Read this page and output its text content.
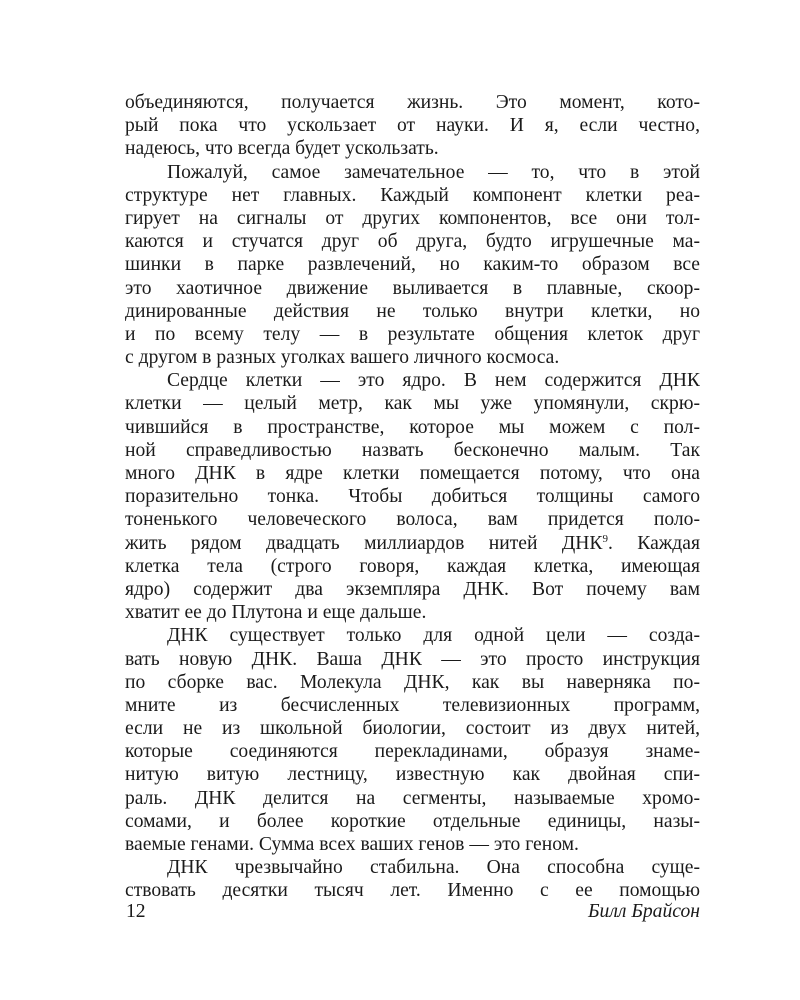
объединяются, получается жизнь. Это момент, кото-
рый пока что ускользает от науки. И я, если честно,
надеюсь, что всегда будет ускользать.
Пожалуй, самое замечательное — то, что в этой
структуре нет главных. Каждый компонент клетки реа-
гирует на сигналы от других компонентов, все они тол-
каются и стучатся друг об друга, будто игрушечные ма-
шинки в парке развлечений, но каким-то образом все
это хаотичное движение выливается в плавные, скоор-
динированные действия не только внутри клетки, но
и по всему телу — в результате общения клеток друг
с другом в разных уголках вашего личного космоса.
Сердце клетки — это ядро. В нем содержится ДНК
клетки — целый метр, как мы уже упомянули, скрю-
чившийся в пространстве, которое мы можем с пол-
ной справедливостью назвать бесконечно малым. Так
много ДНК в ядре клетки помещается потому, что она
поразительно тонка. Чтобы добиться толщины самого
тоненького человеческого волоса, вам придется поло-
жить рядом двадцать миллиардов нитей ДНК$^9$. Каждая
клетка тела (строго говоря, каждая клетка, имеющая
ядро) содержит два экземпляра ДНК. Вот почему вам
хватит ее до Плутона и еще дальше.
ДНК существует только для одной цели — созда-
вать новую ДНК. Ваша ДНК — это просто инструкция
по сборке вас. Молекула ДНК, как вы наверняка по-
мните из бесчисленных телевизионных программ,
если не из школьной биологии, состоит из двух нитей,
которые соединяются перекладинами, образуя знаме-
нитую витую лестницу, известную как двойная спи-
раль. ДНК делится на сегменты, называемые хромо-
сомами, и более короткие отдельные единицы, назы-
ваемые генами. Сумма всех ваших генов — это геном.
ДНК чрезвычайно стабильна. Она способна суще-
ствовать десятки тысяч лет. Именно с ее помощью
12	Билл Брайсон
